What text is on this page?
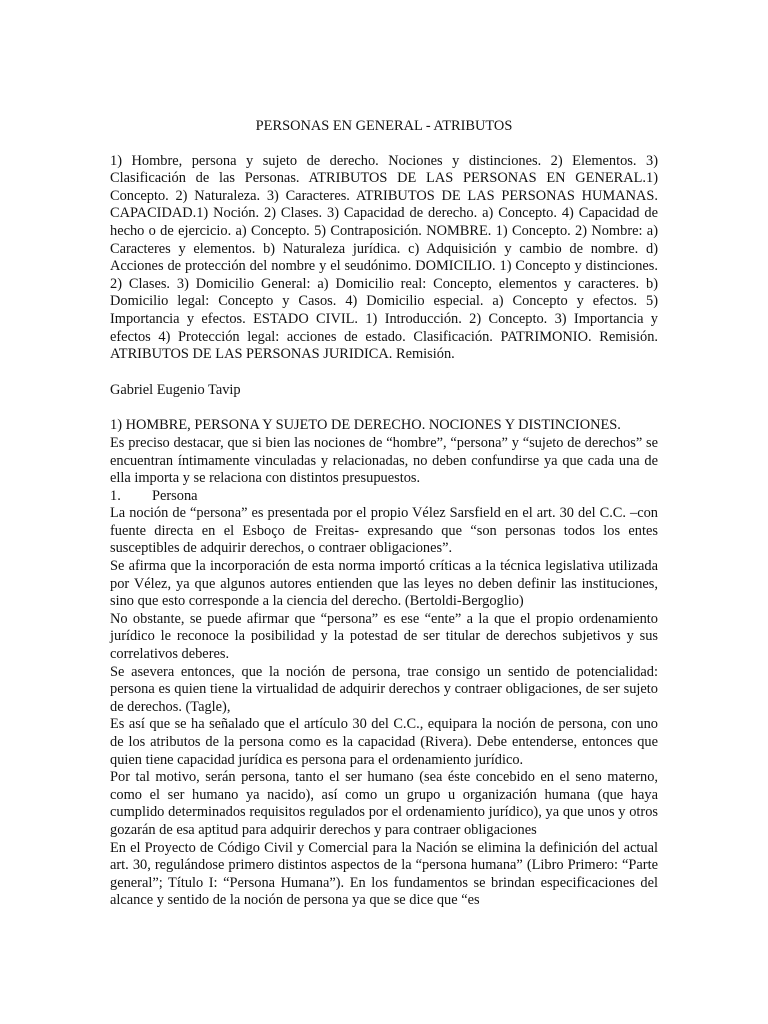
PERSONAS EN GENERAL - ATRIBUTOS

1) Hombre, persona y sujeto de derecho. Nociones y distinciones. 2) Elementos. 3) Clasificación de las Personas. ATRIBUTOS DE LAS PERSONAS EN GENERAL.1) Concepto. 2) Naturaleza. 3) Caracteres. ATRIBUTOS DE LAS PERSONAS HUMANAS. CAPACIDAD.1) Noción. 2) Clases. 3) Capacidad de derecho. a) Concepto. 4) Capacidad de hecho o de ejercicio. a) Concepto. 5) Contraposición. NOMBRE. 1) Concepto. 2) Nombre: a) Caracteres y elementos. b) Naturaleza jurídica. c) Adquisición y cambio de nombre. d) Acciones de protección del nombre y el seudónimo. DOMICILIO. 1) Concepto y distinciones. 2) Clases. 3) Domicilio General: a) Domicilio real: Concepto, elementos y caracteres. b) Domicilio legal: Concepto y Casos. 4) Domicilio especial. a) Concepto y efectos. 5) Importancia y efectos. ESTADO CIVIL. 1) Introducción. 2) Concepto. 3) Importancia y efectos 4) Protección legal: acciones de estado. Clasificación. PATRIMONIO. Remisión. ATRIBUTOS DE LAS PERSONAS JURIDICA. Remisión.

Gabriel Eugenio Tavip

1) HOMBRE, PERSONA Y SUJETO DE DERECHO. NOCIONES Y DISTINCIONES.

Es preciso destacar, que si bien las nociones de “hombre”, “persona” y “sujeto de derechos” se encuentran íntimamente vinculadas y relacionadas, no deben confundirse ya que cada una de ella importa y se relaciona con distintos presupuestos.

1.	Persona

La noción de “persona” es presentada por el propio Vélez Sarsfield en el art. 30 del C.C. –con fuente directa en el Esboço de Freitas- expresando que “son personas todos los entes susceptibles de adquirir derechos, o contraer obligaciones”.

Se afirma que la incorporación de esta norma importó críticas a la técnica legislativa utilizada por Vélez, ya que algunos autores entienden que las leyes no deben definir las instituciones, sino que esto corresponde a la ciencia del derecho. (Bertoldi-Bergoglio)

No obstante, se puede afirmar que “persona” es ese “ente” a la que el propio ordenamiento jurídico le reconoce la posibilidad y la potestad de ser titular de derechos subjetivos y sus correlativos deberes.

Se asevera entonces, que la noción de persona, trae consigo un sentido de potencialidad: persona es quien tiene la virtualidad de adquirir derechos y contraer obligaciones, de ser sujeto de derechos. (Tagle),

Es así que se ha señalado que el artículo 30 del C.C., equipara la noción de persona, con uno de los atributos de la persona como es la capacidad (Rivera). Debe entenderse, entonces que quien tiene capacidad jurídica es persona para el ordenamiento jurídico.

Por tal motivo, serán persona, tanto el ser humano (sea éste concebido en el seno materno, como el ser humano ya nacido), así como un grupo u organización humana (que haya cumplido determinados requisitos regulados por el ordenamiento jurídico), ya que unos y otros gozarán de esa aptitud para adquirir derechos y para contraer obligaciones

En el Proyecto de Código Civil y Comercial para la Nación se elimina la definición del actual art. 30, regulándose primero distintos aspectos de la “persona humana” (Libro Primero: “Parte general”; Título I: “Persona Humana”). En los fundamentos se brindan especificaciones del alcance y sentido de la noción de persona ya que se dice que “es
